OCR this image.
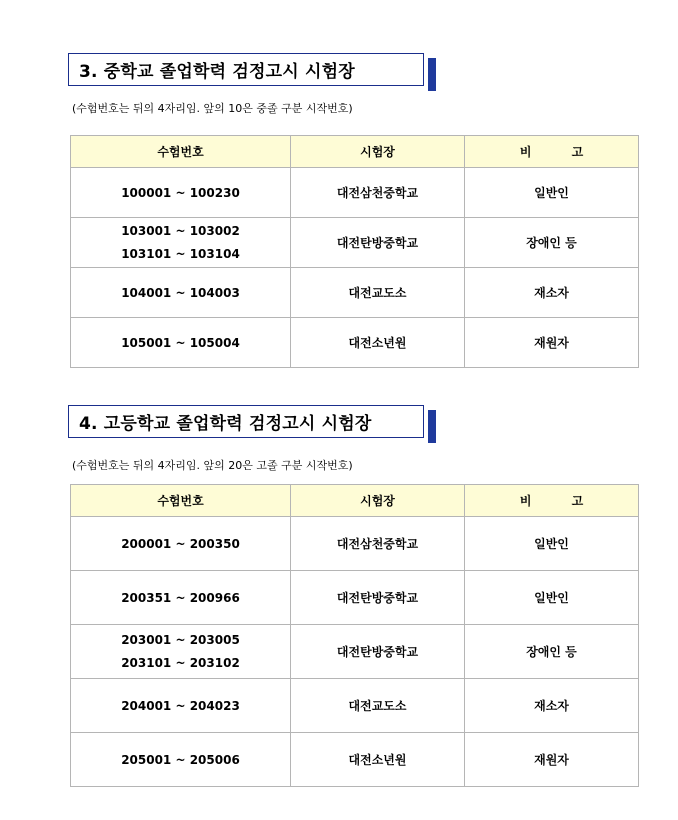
3. 중학교 졸업학력 검정고시 시험장
(수험번호는 뒤의 4자리임. 앞의 10은 중졸 구분 시작번호)
수험번호	시험장	비 고
100001 ~ 100230	대전삼천중학교	일반인

103001 ~ 103002
103101 ~ 103104	대전탄방중학교	장애인 등
104001 ~ 104003	대전교도소	재소자
105001 ~ 105004	대전소년원	재원자
4. 고등학교 졸업학력 검정고시 시험장
(수험번호는 뒤의 4자리임. 앞의 20은 고졸 구분 시작번호)
수험번호	시험장	비 고
200001 ~ 200350	대전삼천중학교	일반인
200351 ~ 200966	대전탄방중학교	일반인

203001 ~ 203005
203101 ~ 203102	대전탄방중학교	장애인 등
204001 ~ 204023	대전교도소	재소자
205001 ~ 205006	대전소년원	재원자
